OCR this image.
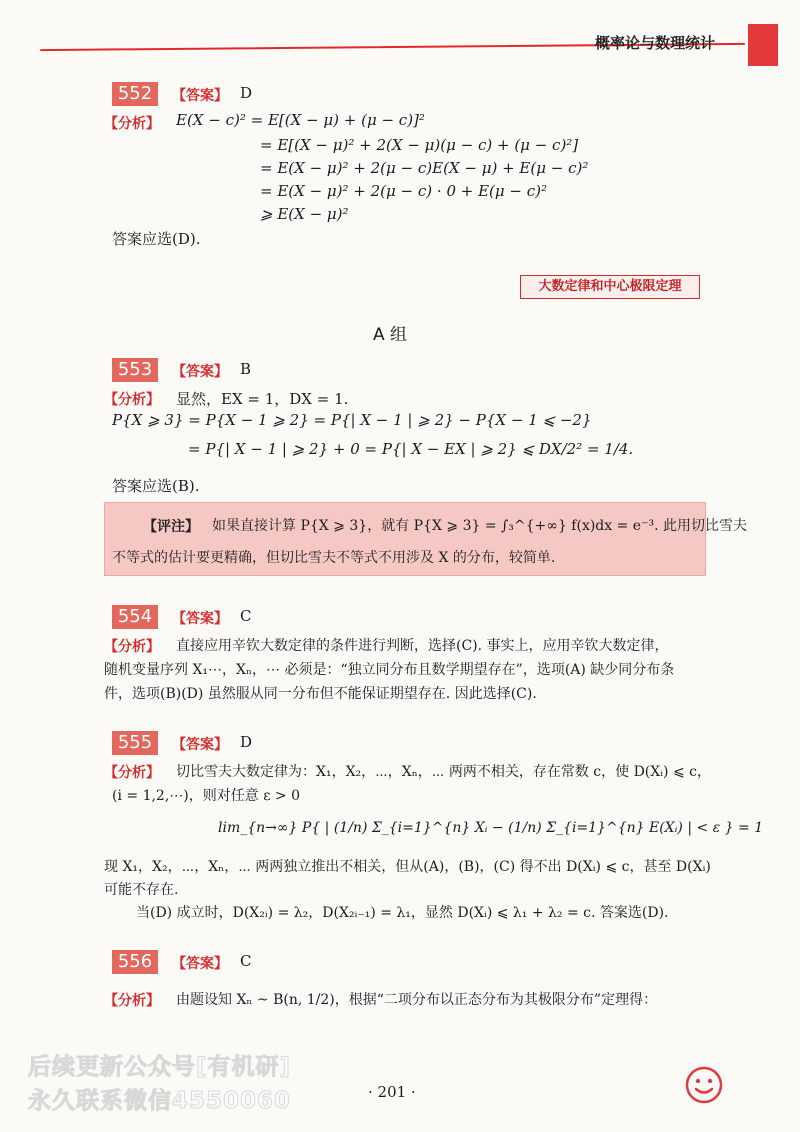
概率论与数理统计
552	【答案】 D
【分析】 E(X − c)² = E[(X − μ) + (μ − c)]²
= E[(X − μ)² + 2(X − μ)(μ − c) + (μ − c)²]
= E(X − μ)² + 2(μ − c)E(X − μ) + E(μ − c)²
= E(X − μ)² + 2(μ − c) · 0 + E(μ − c)²
⩾ E(X − μ)²
答案应选(D).
大数定律和中心极限定理
A 组
553	【答案】 B
【分析】 显然，EX = 1，DX = 1.
P{X ⩾ 3} = P{X − 1 ⩾ 2} = P{| X − 1 | ⩾ 2} − P{X − 1 ⩽ −2}
= P{| X − 1 | ⩾ 2} + 0 = P{| X − EX | ⩾ 2} ⩽ DX/2² = 1/4.
答案应选(B).
【评注】 如果直接计算 P{X ⩾ 3}，就有 P{X ⩾ 3} = ∫₃^{+∞} f(x)dx = e⁻³. 此用切比雪夫
不等式的估计要更精确，但切比雪夫不等式不用涉及 X 的分布，较简单.
554	【答案】 C
【分析】 直接应用辛钦大数定律的条件进行判断，选择(C). 事实上，应用辛钦大数定律，
随机变量序列 X₁⋯，Xₙ，⋯ 必须是：“独立同分布且数学期望存在”，选项(A) 缺少同分布条
件，选项(B)(D) 虽然服从同一分布但不能保证期望存在. 因此选择(C).
555	【答案】 D
【分析】 切比雪夫大数定律为：X₁，X₂，⋯，Xₙ，⋯ 两两不相关，存在常数 c，使 D(Xᵢ) ⩽ c，
(i = 1,2,⋯)，则对任意 ε > 0
lim_{n→∞} P{ | (1/n) Σ_{i=1}^{n} Xᵢ − (1/n) Σ_{i=1}^{n} E(Xᵢ) | < ε } = 1
现 X₁，X₂，⋯，Xₙ，⋯ 两两独立推出不相关，但从(A)，(B)，(C) 得不出 D(Xᵢ) ⩽ c，甚至 D(Xᵢ)
可能不存在.
当(D) 成立时，D(X₂ᵢ) = λ₂，D(X₂ᵢ₋₁) = λ₁，显然 D(Xᵢ) ⩽ λ₁ + λ₂ = c. 答案选(D).
556	【答案】 C
【分析】 由题设知 Xₙ ~ B(n, 1/2)，根据“二项分布以正态分布为其极限分布”定理得：
后续更新公众号[有机研]
永久联系微信4550060	· 201 ·
